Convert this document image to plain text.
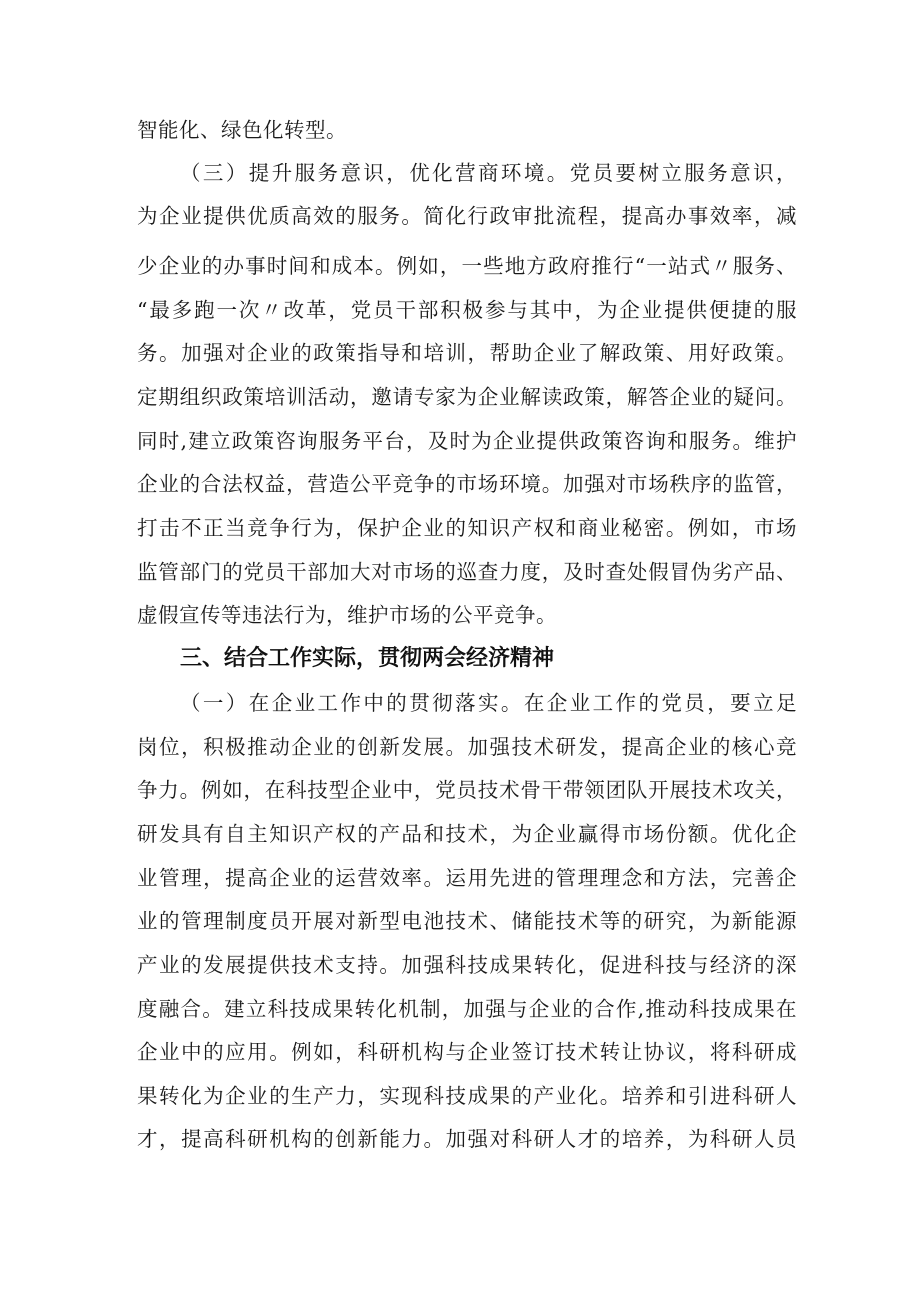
智能化、绿色化转型。
（三）提升服务意识，优化营商环境。党员要树立服务意识，
为企业提供优质高效的服务。简化行政审批流程，提高办事效率，减
少企业的办事时间和成本。例如，一些地方政府推行“一站式〃服务、
“最多跑一次〃改革，党员干部积极参与其中，为企业提供便捷的服
务。加强对企业的政策指导和培训，帮助企业了解政策、用好政策。
定期组织政策培训活动，邀请专家为企业解读政策，解答企业的疑问。
同时,建立政策咨询服务平台，及时为企业提供政策咨询和服务。维护
企业的合法权益，营造公平竞争的市场环境。加强对市场秩序的监管，
打击不正当竞争行为，保护企业的知识产权和商业秘密。例如，市场
监管部门的党员干部加大对市场的巡查力度，及时查处假冒伪劣产品、
虚假宣传等违法行为，维护市场的公平竞争。
三、结合工作实际，贯彻两会经济精神
（一）在企业工作中的贯彻落实。在企业工作的党员，要立足
岗位，积极推动企业的创新发展。加强技术研发，提高企业的核心竞
争力。例如，在科技型企业中，党员技术骨干带领团队开展技术攻关，
研发具有自主知识产权的产品和技术，为企业赢得市场份额。优化企
业管理，提高企业的运营效率。运用先进的管理理念和方法，完善企
业的管理制度员开展对新型电池技术、储能技术等的研究，为新能源
产业的发展提供技术支持。加强科技成果转化，促进科技与经济的深
度融合。建立科技成果转化机制，加强与企业的合作,推动科技成果在
企业中的应用。例如，科研机构与企业签订技术转让协议，将科研成
果转化为企业的生产力，实现科技成果的产业化。培养和引进科研人
才，提高科研机构的创新能力。加强对科研人才的培养，为科研人员
